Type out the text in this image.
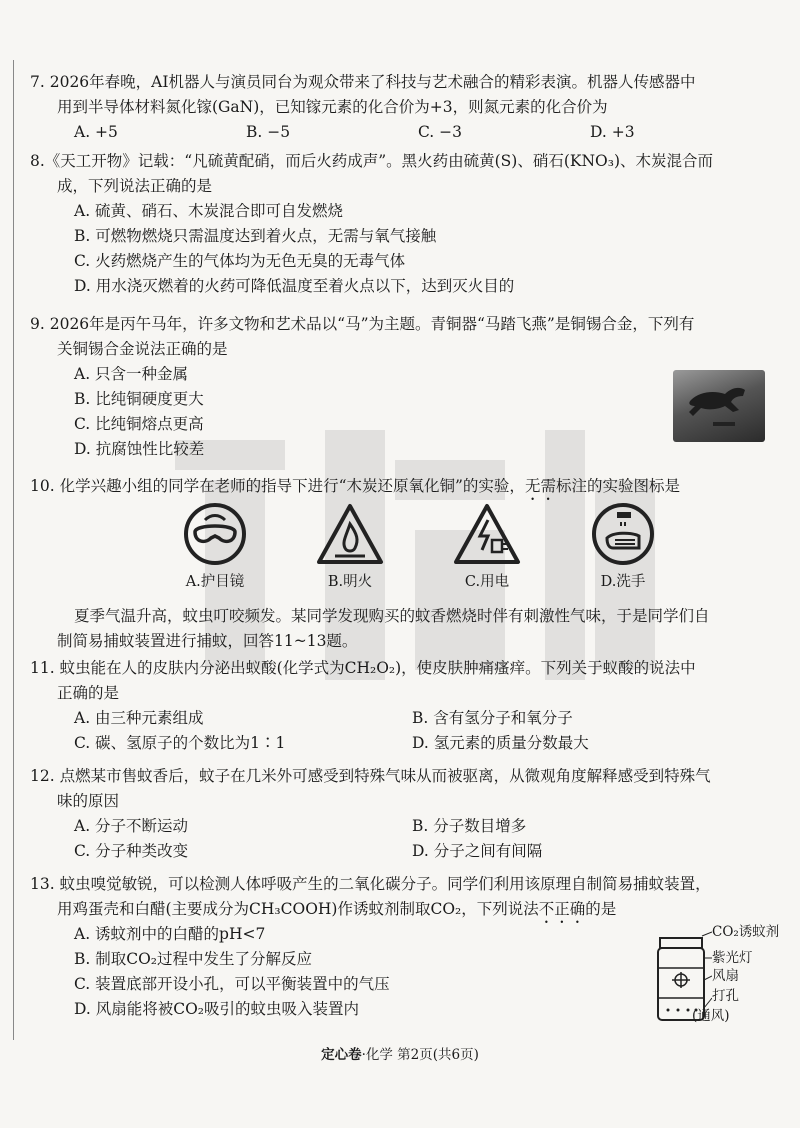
7. 2026年春晚，AI机器人与演员同台为观众带来了科技与艺术融合的精彩表演。机器人传感器中
用到半导体材料氮化镓(GaN)，已知镓元素的化合价为+3，则氮元素的化合价为
A. +5	B. −5	C. −3	D. +3
8.《天工开物》记载：“凡硫黄配硝，而后火药成声”。黑火药由硫黄(S)、硝石(KNO₃)、木炭混合而
成，下列说法正确的是
A. 硫黄、硝石、木炭混合即可自发燃烧
B. 可燃物燃烧只需温度达到着火点，无需与氧气接触
C. 火药燃烧产生的气体均为无色无臭的无毒气体
D. 用水浇灭燃着的火药可降低温度至着火点以下，达到灭火目的
9. 2026年是丙午马年，许多文物和艺术品以“马”为主题。青铜器“马踏飞燕”是铜锡合金，下列有
关铜锡合金说法正确的是
A. 只含一种金属
B. 比纯铜硬度更大
C. 比纯铜熔点更高
D. 抗腐蚀性比较差
10. 化学兴趣小组的同学在老师的指导下进行“木炭还原氧化铜”的实验，无需标注的实验图标是
A.护目镜	B.明火	C.用电	D.洗手
夏季气温升高，蚊虫叮咬频发。某同学发现购买的蚊香燃烧时伴有刺激性气味，于是同学们自
制简易捕蚊装置进行捕蚊，回答11~13题。
11. 蚊虫能在人的皮肤内分泌出蚁酸(化学式为CH₂O₂)，使皮肤肿痛瘙痒。下列关于蚁酸的说法中
正确的是
A. 由三种元素组成	B. 含有氢分子和氧分子
C. 碳、氢原子的个数比为1∶1	D. 氢元素的质量分数最大
12. 点燃某市售蚊香后，蚊子在几米外可感受到特殊气味从而被驱离，从微观角度解释感受到特殊气
味的原因
A. 分子不断运动	B. 分子数目增多
C. 分子种类改变	D. 分子之间有间隔
13. 蚊虫嗅觉敏锐，可以检测人体呼吸产生的二氧化碳分子。同学们利用该原理自制简易捕蚊装置，
用鸡蛋壳和白醋(主要成分为CH₃COOH)作诱蚊剂制取CO₂，下列说法不正确的是
A. 诱蚊剂中的白醋的pH<7
B. 制取CO₂过程中发生了分解反应
C. 装置底部开设小孔，可以平衡装置中的气压
D. 风扇能将被CO₂吸引的蚊虫吸入装置内
CO₂诱蚊剂
紫光灯
风扇
打孔
(通风)
定心卷·化学 第2页(共6页)
